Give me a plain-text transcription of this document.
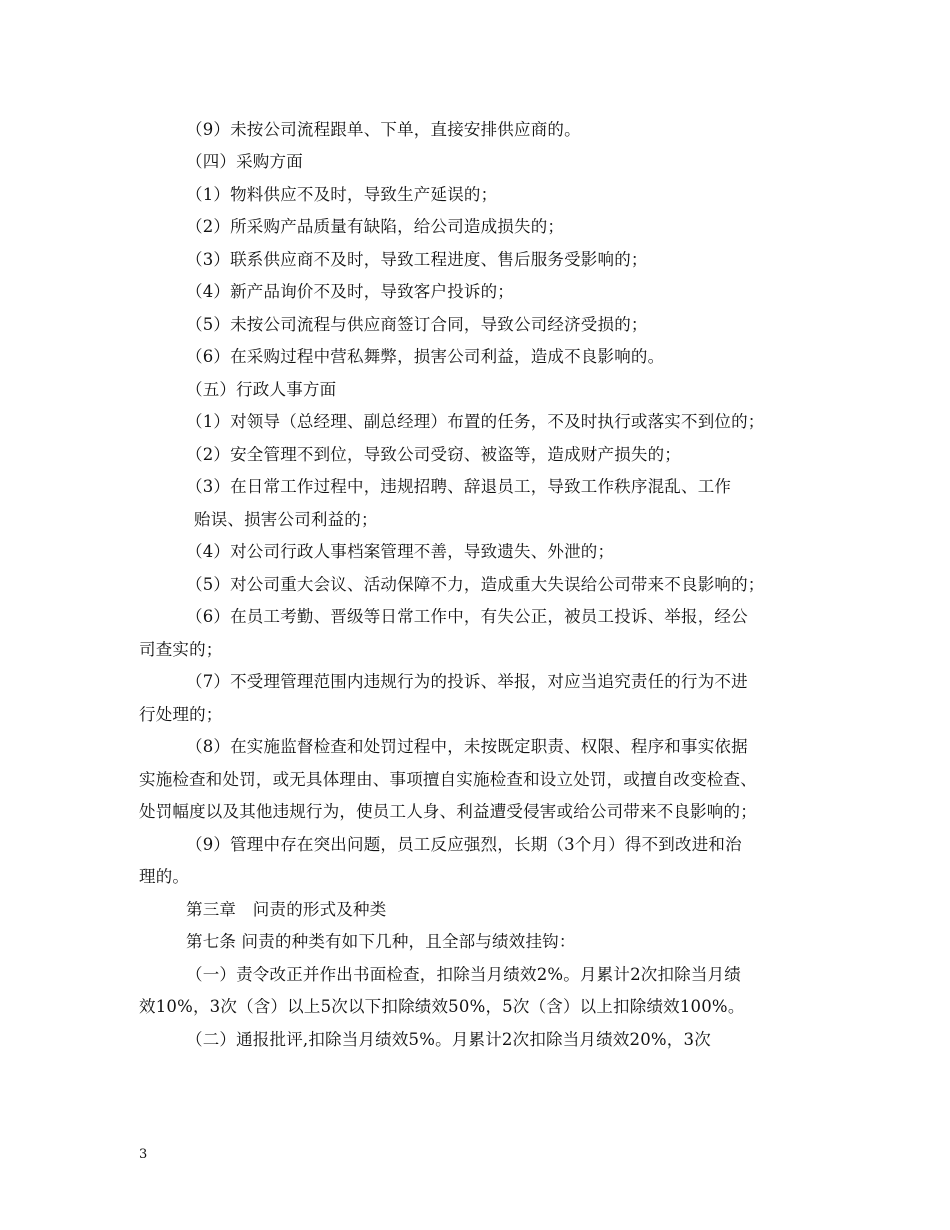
（9）未按公司流程跟单、下单，直接安排供应商的。
（四）采购方面
（1）物料供应不及时，导致生产延误的；
（2）所采购产品质量有缺陷，给公司造成损失的；
（3）联系供应商不及时，导致工程进度、售后服务受影响的；
（4）新产品询价不及时，导致客户投诉的；
（5）未按公司流程与供应商签订合同，导致公司经济受损的；
（6）在采购过程中营私舞弊，损害公司利益，造成不良影响的。
（五）行政人事方面
（1）对领导（总经理、副总经理）布置的任务，不及时执行或落实不到位的；
（2）安全管理不到位，导致公司受窃、被盗等，造成财产损失的；
（3）在日常工作过程中，违规招聘、辞退员工，导致工作秩序混乱、工作
贻误、损害公司利益的；
（4）对公司行政人事档案管理不善，导致遗失、外泄的；
（5）对公司重大会议、活动保障不力，造成重大失误给公司带来不良影响的；
（6）在员工考勤、晋级等日常工作中，有失公正，被员工投诉、举报，经公
司查实的；
（7）不受理管理范围内违规行为的投诉、举报，对应当追究责任的行为不进
行处理的；
（8）在实施监督检查和处罚过程中，未按既定职责、权限、程序和事实依据
实施检查和处罚，或无具体理由、事项擅自实施检查和设立处罚，或擅自改变检查、
处罚幅度以及其他违规行为，使员工人身、利益遭受侵害或给公司带来不良影响的；
（9）管理中存在突出问题，员工反应强烈，长期（3个月）得不到改进和治
理的。
第三章　问责的形式及种类
第七条 问责的种类有如下几种，且全部与绩效挂钩：
（一）责令改正并作出书面检查，扣除当月绩效2%。月累计2次扣除当月绩
效10%，3次（含）以上5次以下扣除绩效50%，5次（含）以上扣除绩效100%。
（二）通报批评,扣除当月绩效5%。月累计2次扣除当月绩效20%，3次
3
